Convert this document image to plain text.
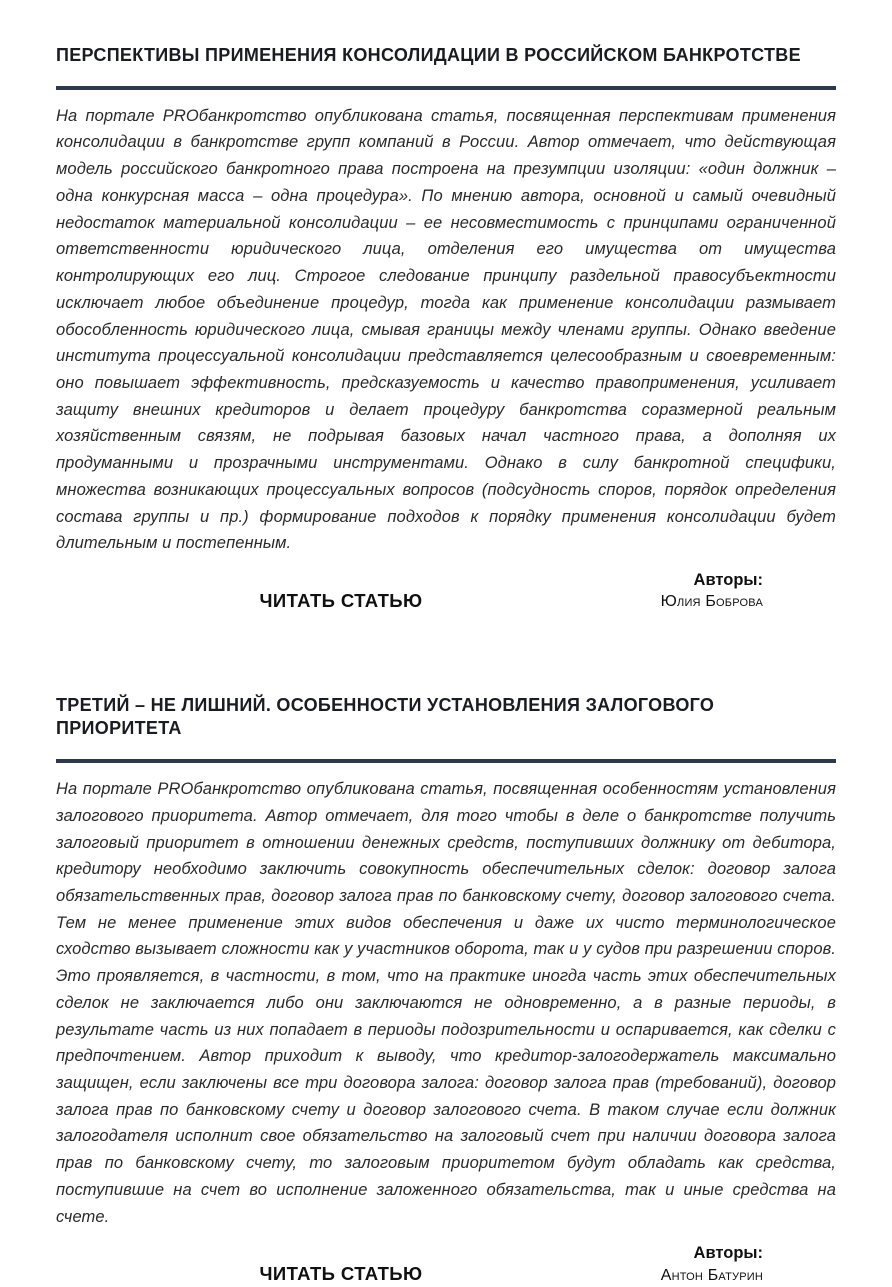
ПЕРСПЕКТИВЫ ПРИМЕНЕНИЯ КОНСОЛИДАЦИИ В РОССИЙСКОМ БАНКРОТСТВЕ

На портале PROбанкротство опубликована статья, посвященная перспективам применения консолидации в банкротстве групп компаний в России. Автор отмечает, что действующая модель российского банкротного права построена на презумпции изоляции: «один должник – одна конкурсная масса – одна процедура». По мнению автора, основной и самый очевидный недостаток материальной консолидации – ее несовместимость с принципами ограниченной ответственности юридического лица, отделения его имущества от имущества контролирующих его лиц. Строгое следование принципу раздельной правосубъектности исключает любое объединение процедур, тогда как применение консолидации размывает обособленность юридического лица, смывая границы между членами группы. Однако введение института процессуальной консолидации представляется целесообразным и своевременным: оно повышает эффективность, предсказуемость и качество правоприменения, усиливает защиту внешних кредиторов и делает процедуру банкротства соразмерной реальным хозяйственным связям, не подрывая базовых начал частного права, а дополняя их продуманными и прозрачными инструментами. Однако в силу банкротной специфики, множества возникающих процессуальных вопросов (подсудность споров, порядок определения состава группы и пр.) формирование подходов к порядку применения консолидации будет длительным и постепенным.

ЧИТАТЬ СТАТЬЮ
Авторы:
Юлия Боброва
ТРЕТИЙ – НЕ ЛИШНИЙ. ОСОБЕННОСТИ УСТАНОВЛЕНИЯ ЗАЛОГОВОГО ПРИОРИТЕТА

На портале PROбанкротство опубликована статья, посвященная особенностям установления залогового приоритета. Автор отмечает, для того чтобы в деле о банкротстве получить залоговый приоритет в отношении денежных средств, поступивших должнику от дебитора, кредитору необходимо заключить совокупность обеспечительных сделок: договор залога обязательственных прав, договор залога прав по банковскому счету, договор залогового счета. Тем не менее применение этих видов обеспечения и даже их чисто терминологическое сходство вызывает сложности как у участников оборота, так и у судов при разрешении споров. Это проявляется, в частности, в том, что на практике иногда часть этих обеспечительных сделок не заключается либо они заключаются не одновременно, а в разные периоды, в результате часть из них попадает в периоды подозрительности и оспаривается, как сделки с предпочтением. Автор приходит к выводу, что кредитор-залогодержатель максимально защищен, если заключены все три договора залога: договор залога прав (требований), договор залога прав по банковскому счету и договор залогового счета. В таком случае если должник залогодателя исполнит свое обязательство на залоговый счет при наличии договора залога прав по банковскому счету, то залоговым приоритетом будут обладать как средства, поступившие на счет во исполнение заложенного обязательства, так и иные средства на счете.

ЧИТАТЬ СТАТЬЮ
Авторы:
Антон Батурин
